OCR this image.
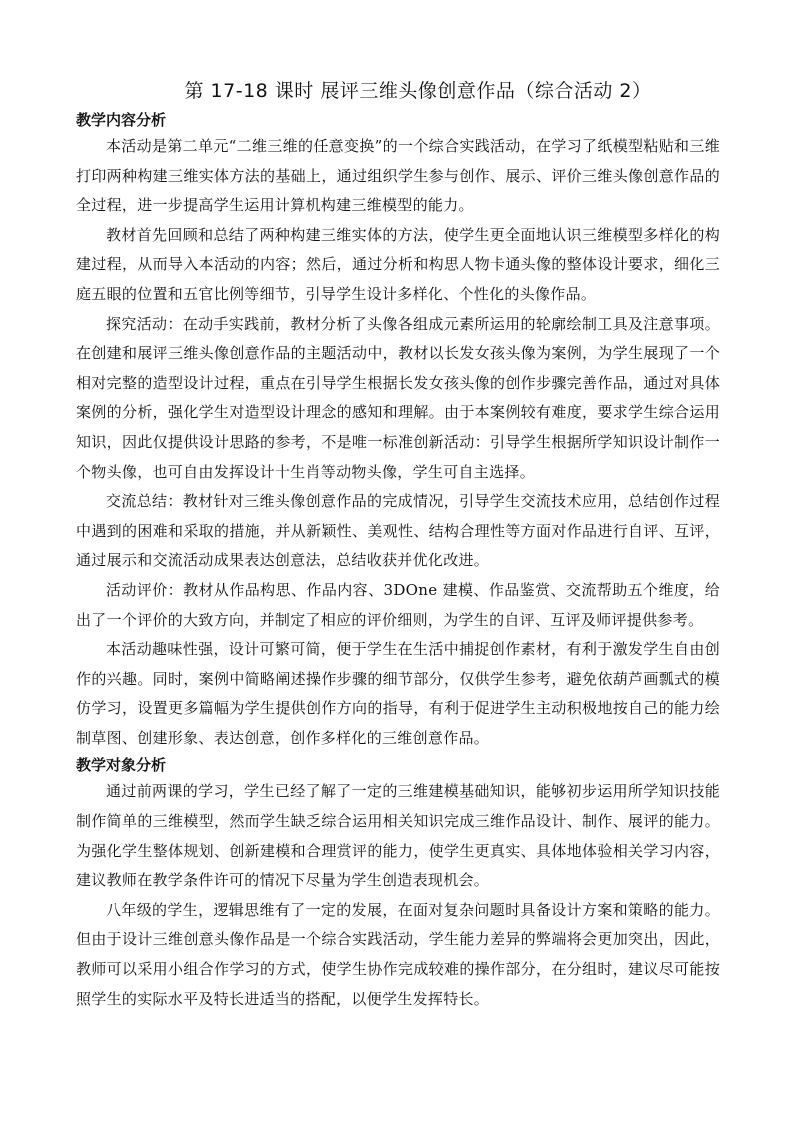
第 17-18 课时 展评三维头像创意作品（综合活动 2）
教学内容分析

本活动是第二单元“二维三维的任意变换”的一个综合实践活动，在学习了纸模型粘贴和三维打印两种构建三维实体方法的基础上，通过组织学生参与创作、展示、评价三维头像创意作品的全过程，进一步提高学生运用计算机构建三维模型的能力。

教材首先回顾和总结了两种构建三维实体的方法，使学生更全面地认识三维模型多样化的构建过程，从而导入本活动的内容；然后，通过分析和构思人物卡通头像的整体设计要求，细化三庭五眼的位置和五官比例等细节，引导学生设计多样化、个性化的头像作品。

探究活动：在动手实践前，教材分析了头像各组成元素所运用的轮廓绘制工具及注意事项。在创建和展评三维头像创意作品的主题活动中，教材以长发女孩头像为案例，为学生展现了一个相对完整的造型设计过程，重点在引导学生根据长发女孩头像的创作步骤完善作品，通过对具体案例的分析，强化学生对造型设计理念的感知和理解。由于本案例较有难度，要求学生综合运用知识，因此仅提供设计思路的参考，不是唯一标准创新活动：引导学生根据所学知识设计制作一个物头像，也可自由发挥设计十生肖等动物头像，学生可自主选择。

交流总结：教材针对三维头像创意作品的完成情况，引导学生交流技术应用，总结创作过程中遇到的困难和采取的措施，并从新颖性、美观性、结构合理性等方面对作品进行自评、互评，通过展示和交流活动成果表达创意法，总结收获并优化改进。

活动评价：教材从作品构思、作品内容、3DOne 建模、作品鉴赏、交流帮助五个维度，给出了一个评价的大致方向，并制定了相应的评价细则，为学生的自评、互评及师评提供参考。

本活动趣味性强，设计可繁可简，便于学生在生活中捕捉创作素材，有利于激发学生自由创作的兴趣。同时，案例中简略阐述操作步骤的细节部分，仅供学生参考，避免依葫芦画瓢式的模仿学习，设置更多篇幅为学生提供创作方向的指导，有利于促进学生主动积极地按自己的能力绘制草图、创建形象、表达创意，创作多样化的三维创意作品。

教学对象分析

通过前两课的学习，学生已经了解了一定的三维建模基础知识，能够初步运用所学知识技能制作简单的三维模型，然而学生缺乏综合运用相关知识完成三维作品设计、制作、展评的能力。为强化学生整体规划、创新建模和合理赏评的能力，使学生更真实、具体地体验相关学习内容，建议教师在教学条件许可的情况下尽量为学生创造表现机会。

八年级的学生，逻辑思维有了一定的发展，在面对复杂问题时具备设计方案和策略的能力。但由于设计三维创意头像作品是一个综合实践活动，学生能力差异的弊端将会更加突出，因此，教师可以采用小组合作学习的方式，使学生协作完成较难的操作部分，在分组时，建议尽可能按照学生的实际水平及特长进适当的搭配，以便学生发挥特长。
